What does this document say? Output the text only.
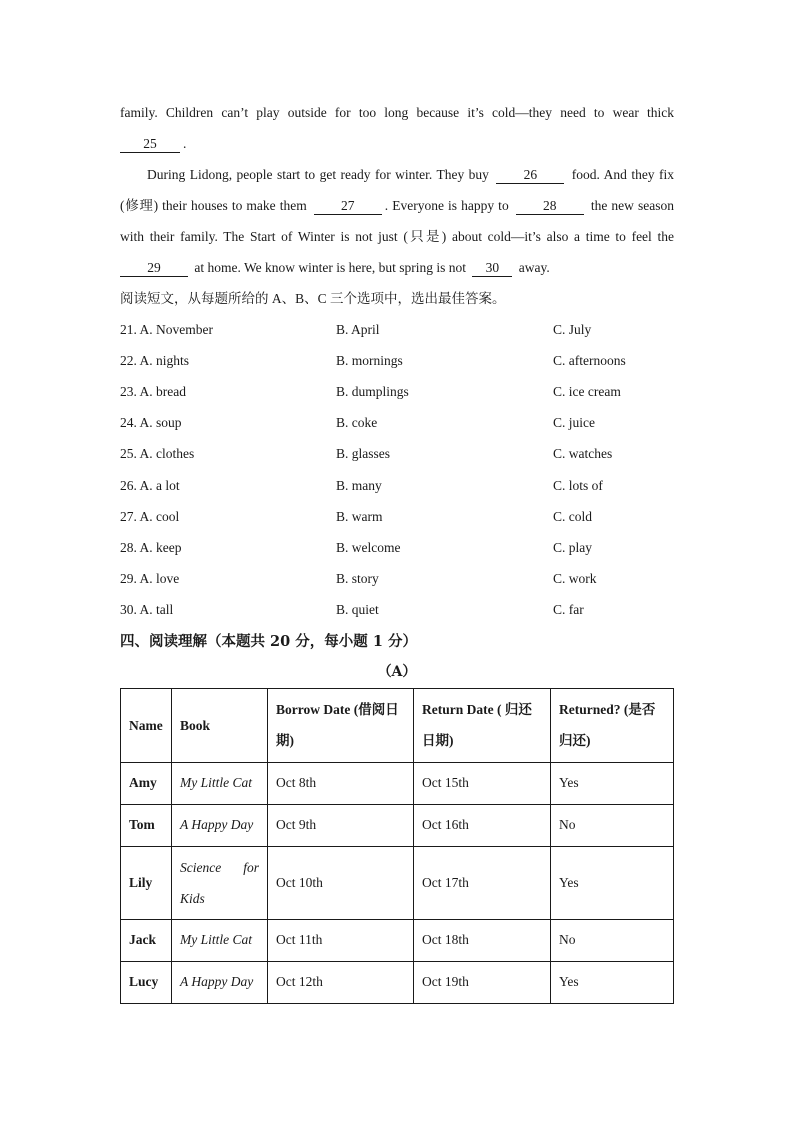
family. Children can’t play outside for too long because it’s cold—they need to wear thick

25 .

During Lidong, people start to get ready for winter. They buy	26	food. And they fix (修理) their houses to make them	27 . Everyone is happy to	28	the new season with their family. The Start of Winter is not just (只是) about cold—it’s also a time to feel the 29 at home. We know winter is here, but spring is not 30 away.

阅读短文，从每题所给的 A、B、C 三个选项中，选出最佳答案。

21. A. November	B. April	C. July
22. A. nights	B. mornings	C. afternoons
23. A. bread	B. dumplings	C. ice cream
24. A. soup	B. coke	C. juice
25. A. clothes	B. glasses	C. watches
26. A. a lot	B. many	C. lots of
27. A. cool	B. warm	C. cold
28. A. keep	B. welcome	C. play
29. A. love	B. story	C. work
30. A. tall	B. quiet	C. far

四、阅读理解（本题共 20 分，每小题 1 分）

（A）

Name	Book	Borrow Date (借阅日期)	Return Date ( 归还日期)	Returned? (是否归还)
Amy	My Little Cat	Oct 8th	Oct 15th	Yes
Tom	A Happy Day	Oct 9th	Oct 16th	No
Lily	Science for Kids	Oct 10th	Oct 17th	Yes
Jack	My Little Cat	Oct 11th	Oct 18th	No
Lucy	A Happy Day	Oct 12th	Oct 19th	Yes
